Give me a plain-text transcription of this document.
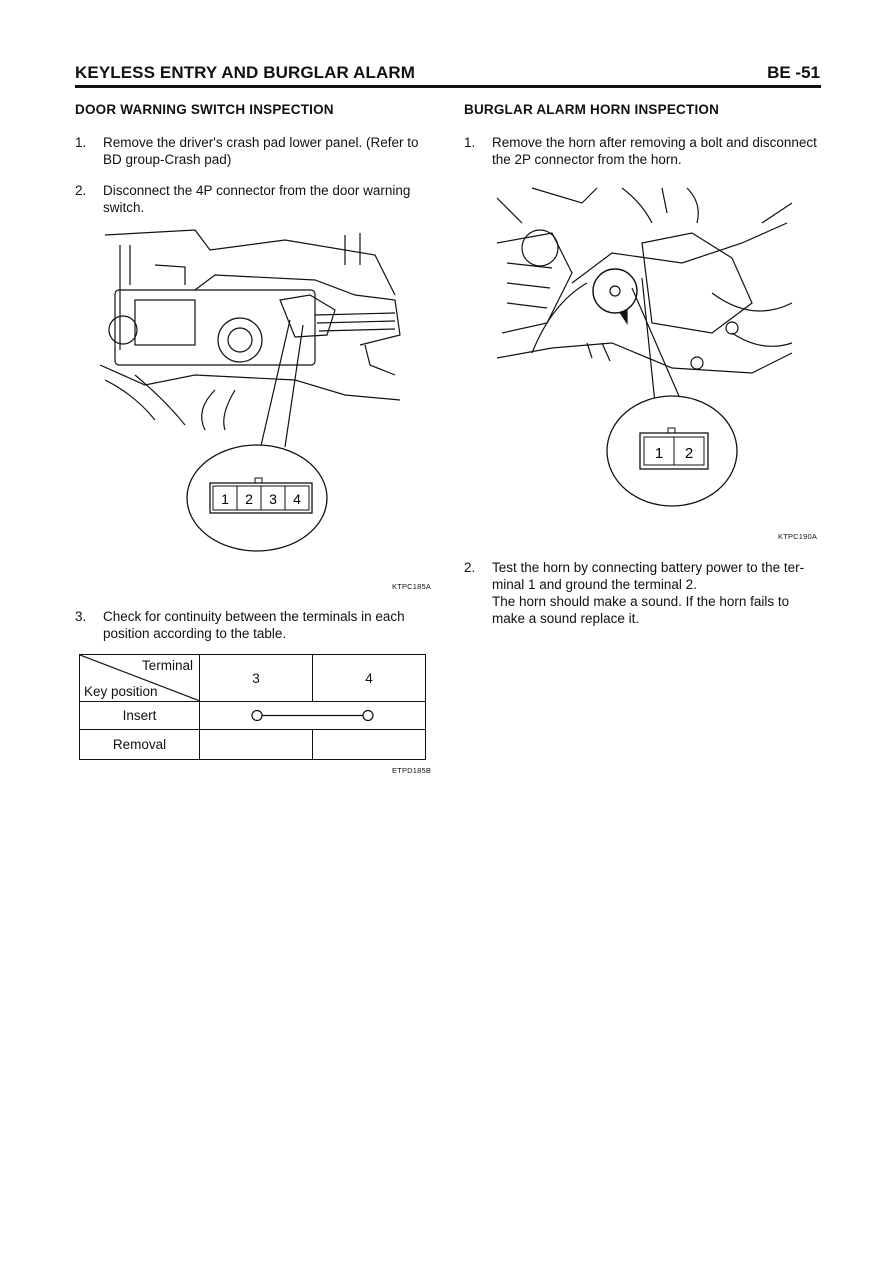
KEYLESS ENTRY AND BURGLAR ALARM	BE -51
DOOR WARNING SWITCH INSPECTION
1. Remove the driver's crash pad lower panel. (Refer to
BD group-Crash pad)
2. Disconnect the 4P connector from the door warning
switch.
1 2 3 4
KTPC185A
3. Check for continuity between the terminals in each
position according to the table.
Terminal
Key position	3	4
Insert	

Removal		
ETPD185B
BURGLAR ALARM HORN INSPECTION
1. Remove the horn after removing a bolt and disconnect
the 2P connector from the horn.
1 2
KTPC190A
2. Test the horn by connecting battery power to the ter-
minal 1 and ground the terminal 2.
The horn should make a sound. If the horn fails to
make a sound replace it.
